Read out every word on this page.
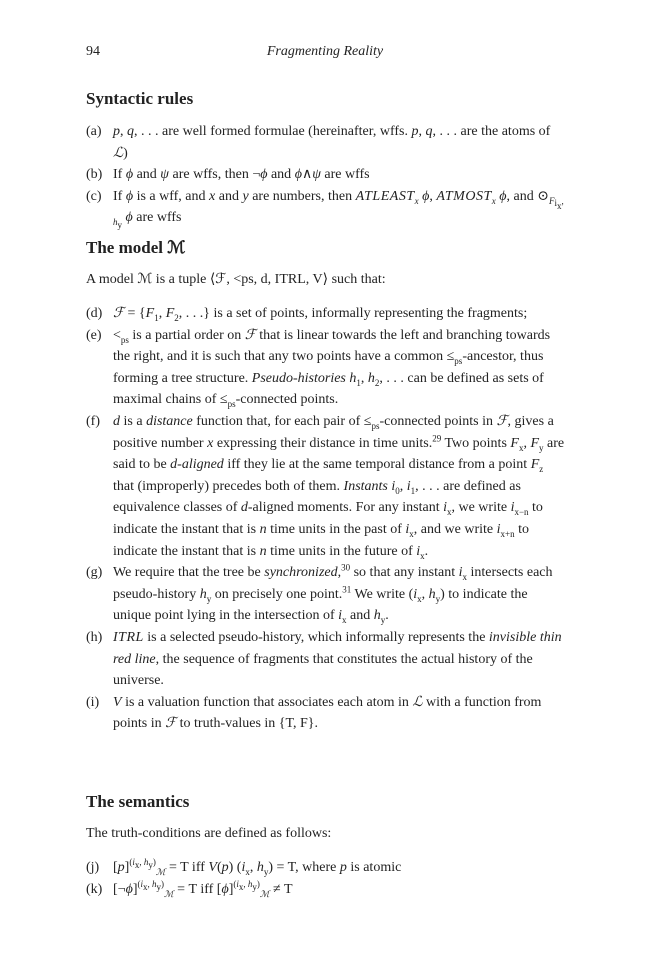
94	Fragmenting Reality
Syntactic rules
(a) p, q, . . . are well formed formulae (hereinafter, wffs. p, q, . . . are the atoms of ℒ)
(b) If ϕ and ψ are wffs, then ¬ϕ and ϕ∧ψ are wffs
(c) If ϕ is a wff, and x and y are numbers, then $ATLEAST_x$ ϕ, $ATMOST_x$ ϕ, and $⊙_{F_{i_x}, h_y}$ ϕ are wffs
The model ℳ

A model ℳ is a tuple ⟨ℱ, <ps, d, ITRL, V⟩ such that:

(d) ℱ = {$F_1$, $F_2$, . . .} is a set of points, informally representing the fragments;
$(e) <_{ps}$ is a partial order on ℱ that is linear towards the left and branching towards the right, and it is such that any two points have a common $\le_{ps}$-ancestor, thus forming a tree structure. Pseudo-histories $h_1$, $h_2$, . . . can be defined as sets of maximal chains of $\le_{ps}$-connected points.
(f) d is a distance function that, for each pair of $\le_{ps}$-connected points in ℱ, gives a positive number x expressing their distance in time units.$^{29}$ Two points $F_x$, $F_y$ are said to be d-aligned iff they lie at the same temporal distance from a point $F_z$ that (improperly) precedes both of them. Instants $i_0$, $i_1$, . . . are defined as equivalence classes of d-aligned moments. For any instant $i_x$, we write $i_{x-n}$ to indicate the instant that is n time units in the past of $i_x$, and we write $i_{x+n}$ to indicate the instant that is n time units in the future of $i_x$.
(g) We require that the tree be synchronized,$^{30}$ so that any instant $i_x$ intersects each pseudo-history $h_y$ on precisely one point.$^{31}$ We write ($i_x$, $h_y$) to indicate the unique point lying in the intersection of $i_x$ and $h_y$.
(h) ITRL is a selected pseudo-history, which informally represents the invisible thin red line, the sequence of fragments that constitutes the actual history of the universe.
(i) V is a valuation function that associates each atom in ℒ with a function from points in ℱ to truth-values in {T, F}.
The semantics

The truth-conditions are defined as follows:

(j) $[p]^{(i_x, h_y)}_ℳ = T$ iff V(p) ($i_x$, $h_y) = T$, where p is atomic
(k) [¬ϕ]$^{(i_x, h_y)}_ℳ$ = T iff $[\phi]^{(i_x, h_y)}_ℳ \ne T$
